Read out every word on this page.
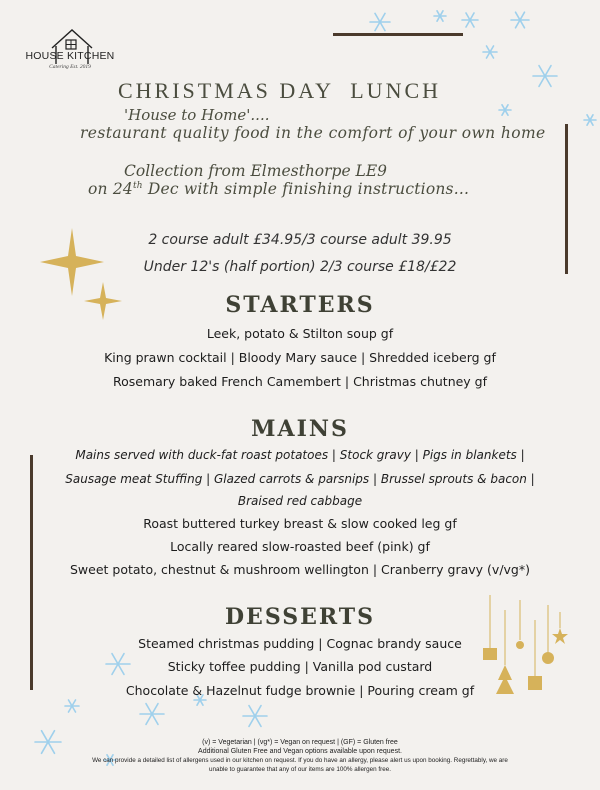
HOUSE KITCHEN
Catering Est. 2019
CHRISTMAS DAY  LUNCH
'House to Home'....
restaurant quality food in the comfort of your own home
Collection from Elmesthorpe LE9
on 24th Dec with simple finishing instructions...
2 course adult £34.95/3 course adult 39.95
Under 12's (half portion) 2/3 course £18/£22
STARTERS
Leek, potato & Stilton soup gf
King prawn cocktail | Bloody Mary sauce | Shredded iceberg gf
Rosemary baked French Camembert | Christmas chutney gf
MAINS
Mains served with duck-fat roast potatoes | Stock gravy | Pigs in blankets |
Sausage meat Stuffing | Glazed carrots & parsnips | Brussel sprouts & bacon |
Braised red cabbage
Roast buttered turkey breast & slow cooked leg gf
Locally reared slow-roasted beef (pink) gf
Sweet potato, chestnut & mushroom wellington | Cranberry gravy (v/vg*)
DESSERTS
Steamed christmas pudding | Cognac brandy sauce
Sticky toffee pudding | Vanilla pod custard
Chocolate & Hazelnut fudge brownie | Pouring cream gf
(v) = Vegetarian | (vg*) = Vegan on request | (GF) = Gluten free
Additional Gluten Free and Vegan options available upon request.
We can provide a detailed list of allergens used in our kitchen on request. If you do have an allergy, please alert us upon booking. Regrettably, we are
unable to guarantee that any of our items are 100% allergen free.
